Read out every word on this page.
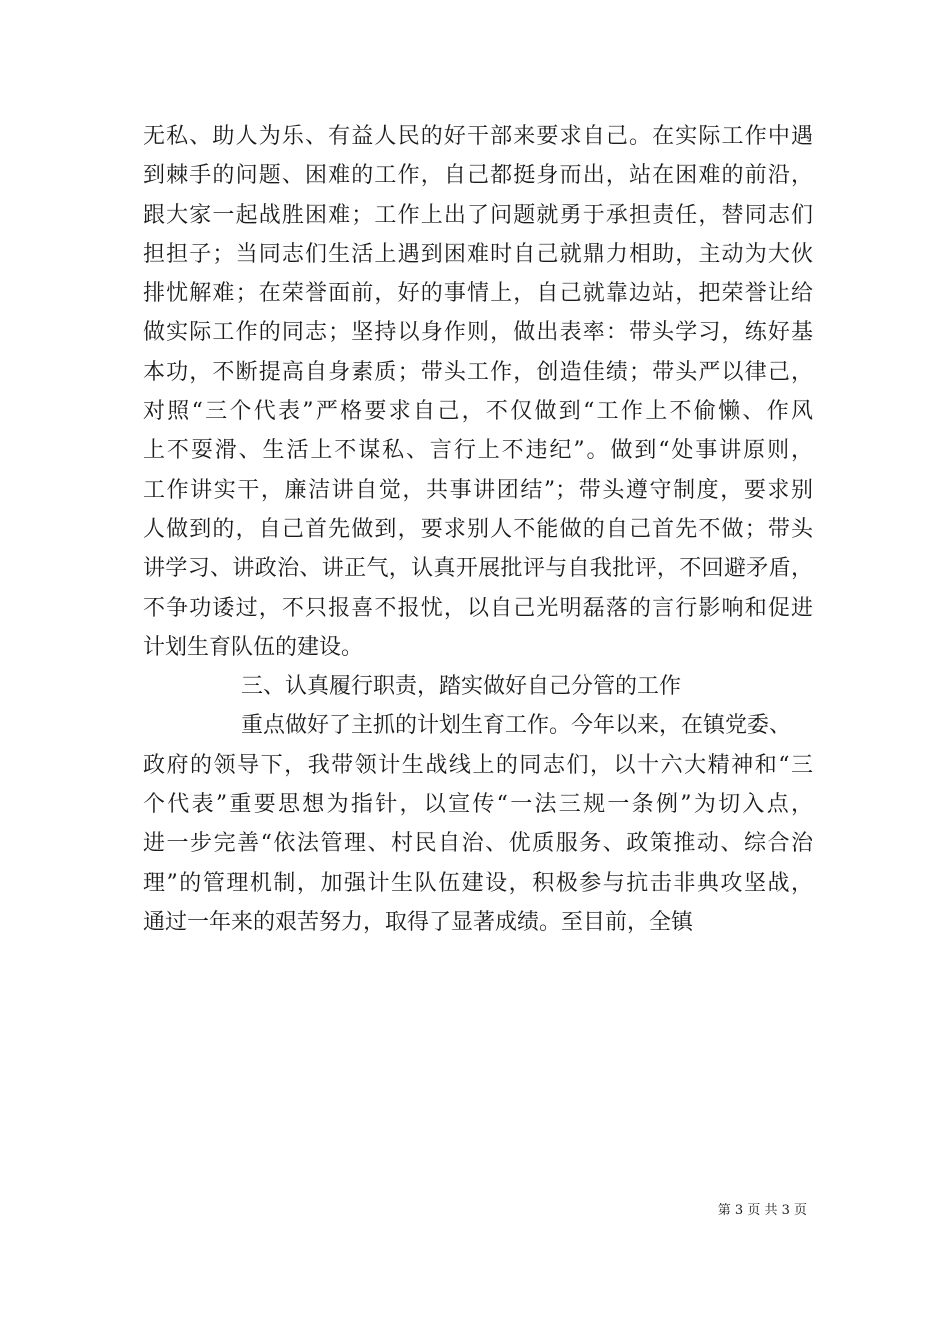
无私、助人为乐、有益人民的好干部来要求自己。在实际工作中遇
到棘手的问题、困难的工作，自己都挺身而出，站在困难的前沿，
跟大家一起战胜困难；工作上出了问题就勇于承担责任，替同志们
担担子；当同志们生活上遇到困难时自己就鼎力相助，主动为大伙
排忧解难；在荣誉面前，好的事情上，自己就靠边站，把荣誉让给
做实际工作的同志；坚持以身作则，做出表率：带头学习，练好基
本功，不断提高自身素质；带头工作，创造佳绩；带头严以律己，
对照“三个代表”严格要求自己，不仅做到“工作上不偷懒、作风
上不耍滑、生活上不谋私、言行上不违纪”。做到“处事讲原则，
工作讲实干，廉洁讲自觉，共事讲团结”；带头遵守制度，要求别
人做到的，自己首先做到，要求别人不能做的自己首先不做；带头
讲学习、讲政治、讲正气，认真开展批评与自我批评，不回避矛盾，
不争功诿过，不只报喜不报忧，以自己光明磊落的言行影响和促进
计划生育队伍的建设。
三、认真履行职责，踏实做好自己分管的工作
重点做好了主抓的计划生育工作。今年以来，在镇党委、
政府的领导下，我带领计生战线上的同志们，以十六大精神和“三
个代表”重要思想为指针，以宣传“一法三规一条例”为切入点，
进一步完善“依法管理、村民自治、优质服务、政策推动、综合治
理”的管理机制，加强计生队伍建设，积极参与抗击非典攻坚战，
通过一年来的艰苦努力，取得了显著成绩。至目前，全镇
第 3 页 共 3 页
